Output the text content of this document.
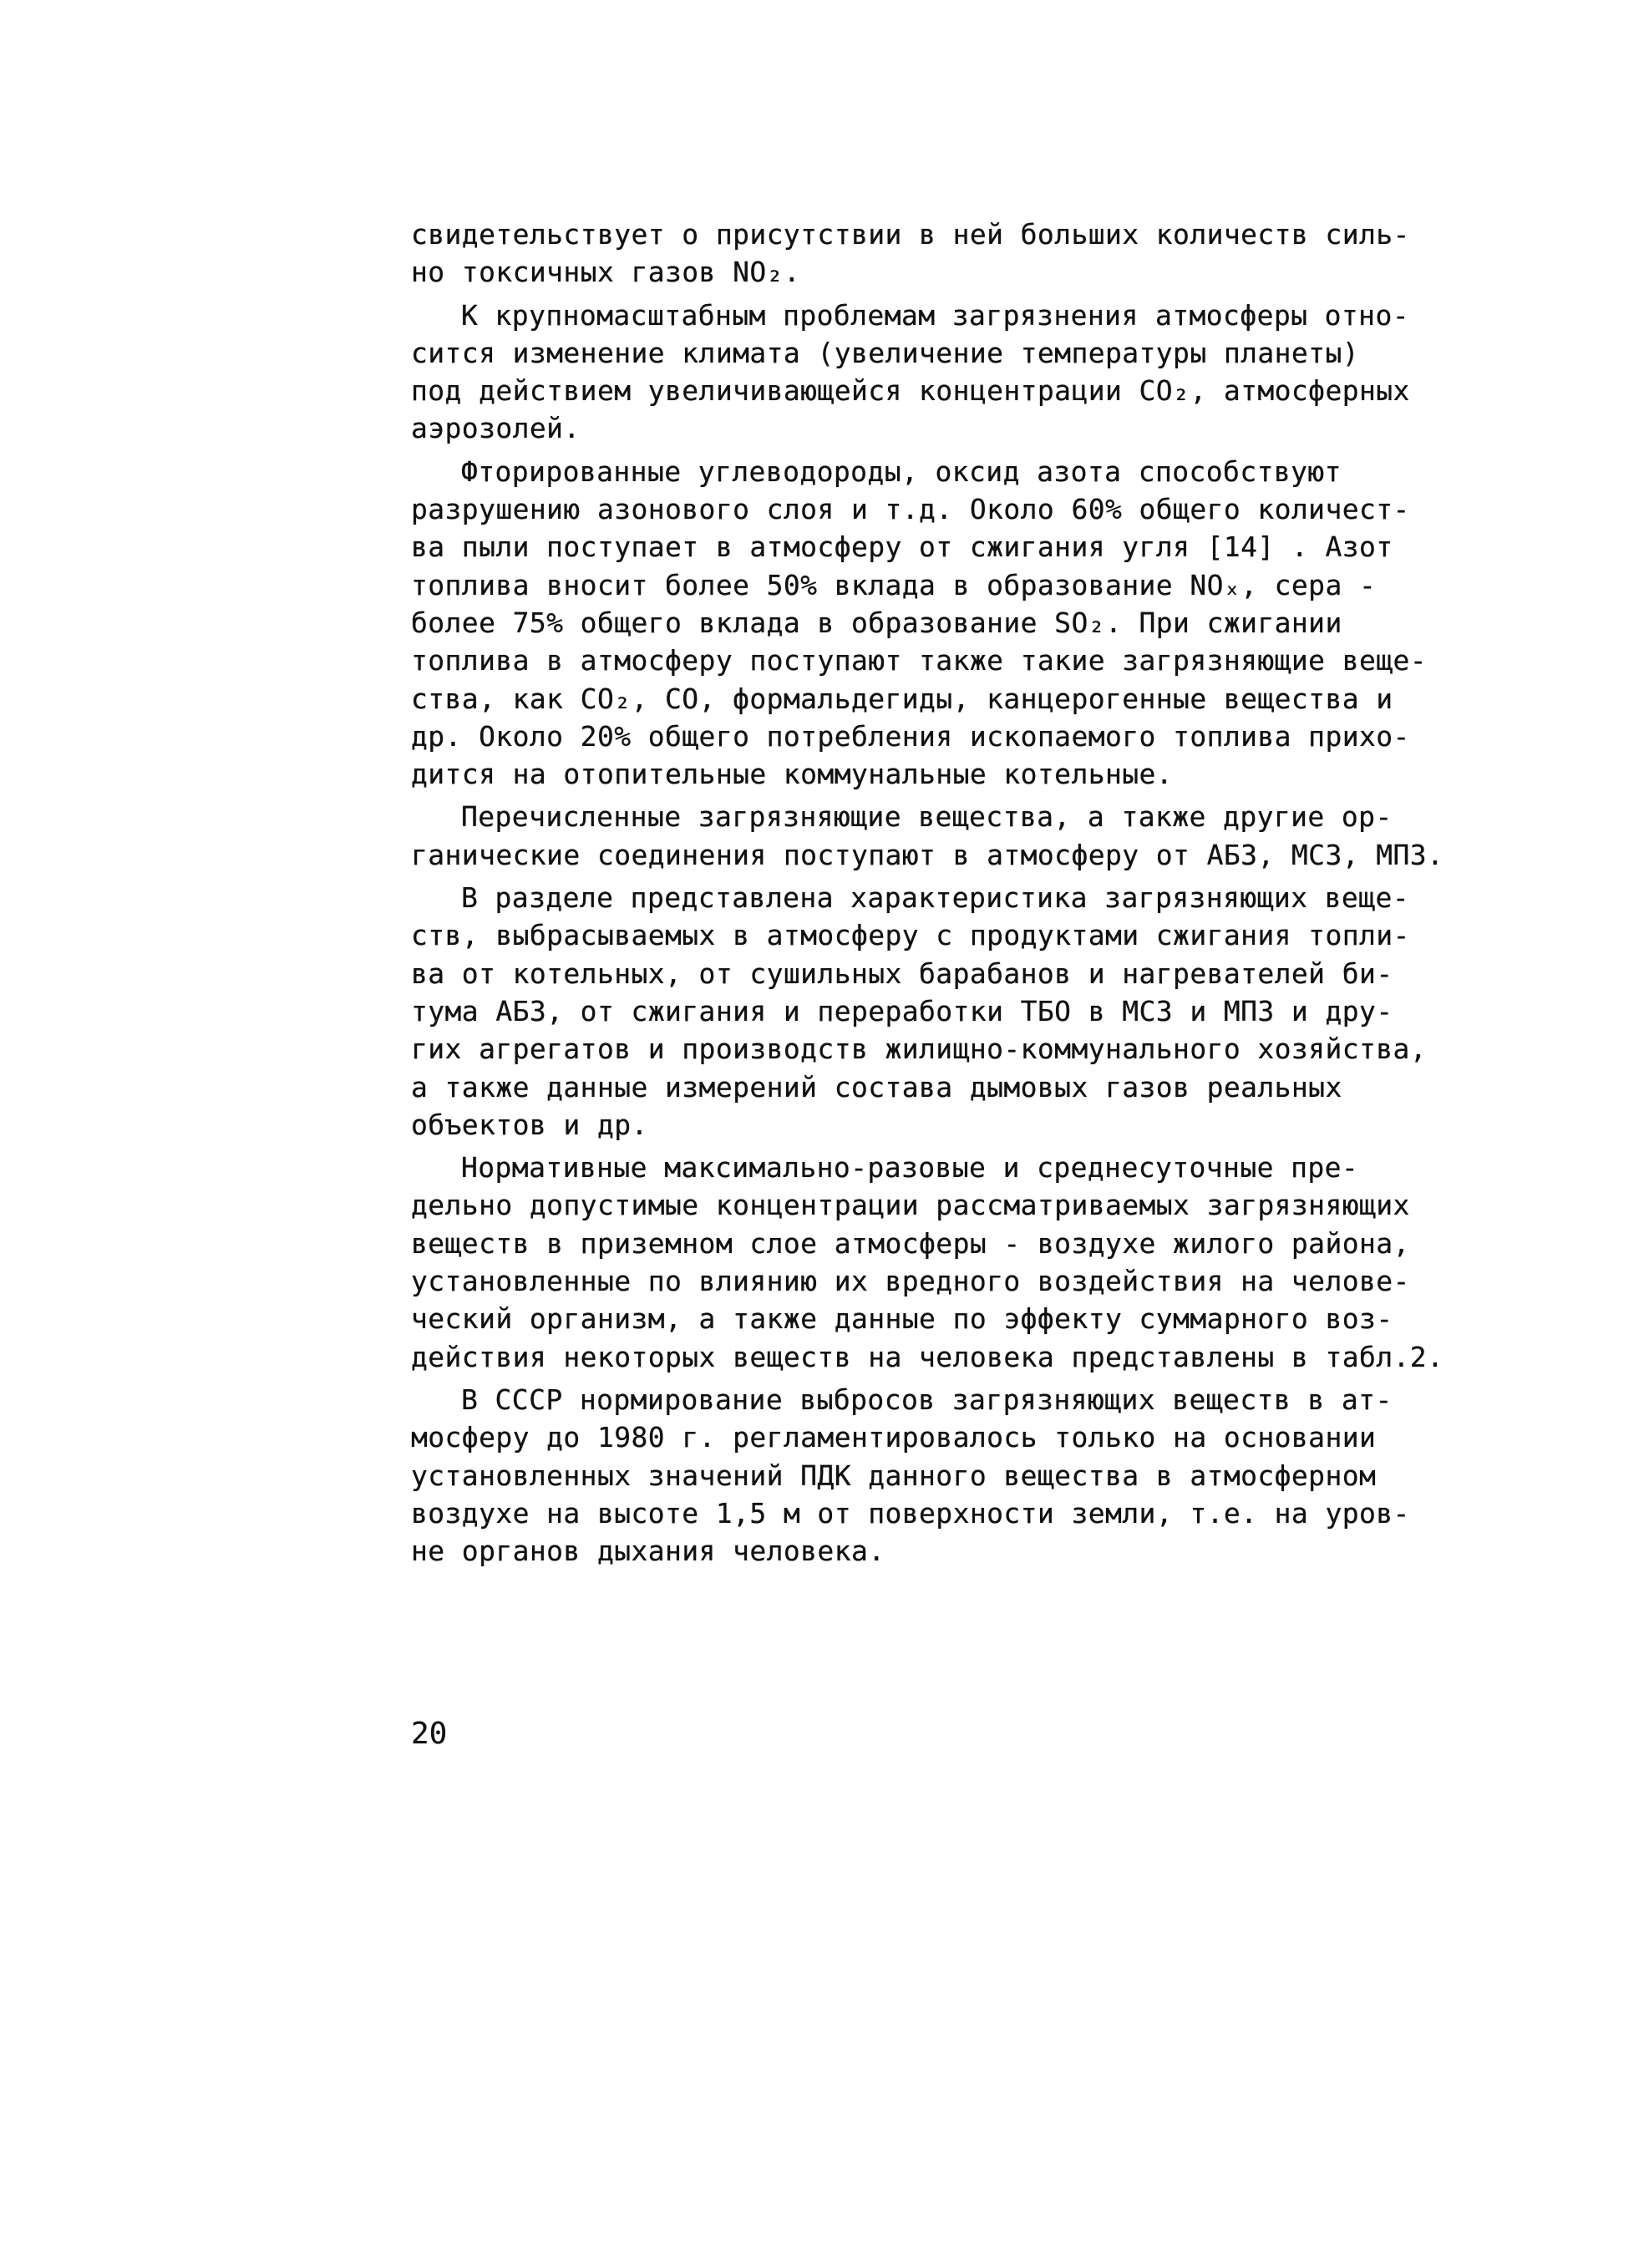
свидетельствует о присутствии в ней больших количеств силь-
но токсичных газов NO₂.
К крупномасштабным проблемам загрязнения атмосферы отно-
сится изменение климата (увеличение температуры планеты)
под действием увеличивающейся концентрации CO₂, атмосферных
аэрозолей.
Фторированные углеводороды, оксид азота способствуют
разрушению азонового слоя и т.д. Около 60% общего количест-
ва пыли поступает в атмосферу от сжигания угля [14] . Азот
топлива вносит более 50% вклада в образование NOₓ, сера -
более 75% общего вклада в образование SO₂. При сжигании
топлива в атмосферу поступают также такие загрязняющие веще-
ства, как CO₂, CO, формальдегиды, канцерогенные вещества и
др. Около 20% общего потребления ископаемого топлива прихо-
дится на отопительные коммунальные котельные.
Перечисленные загрязняющие вещества, а также другие ор-
ганические соединения поступают в атмосферу от АБЗ, МСЗ, МПЗ.
В разделе представлена характеристика загрязняющих веще-
ств, выбрасываемых в атмосферу с продуктами сжигания топли-
ва от котельных, от сушильных барабанов и нагревателей би-
тума АБЗ, от сжигания и переработки ТБО в МСЗ и МПЗ и дру-
гих агрегатов и производств жилищно-коммунального хозяйства,
а также данные измерений состава дымовых газов реальных
объектов и др.
Нормативные максимально-разовые и среднесуточные пре-
дельно допустимые концентрации рассматриваемых загрязняющих
веществ в приземном слое атмосферы - воздухе жилого района,
установленные по влиянию их вредного воздействия на челове-
ческий организм, а также данные по эффекту суммарного воз-
действия некоторых веществ на человека представлены в табл.2.
В СССР нормирование выбросов загрязняющих веществ в ат-
мосферу до 1980 г. регламентировалось только на основании
установленных значений ПДК данного вещества в атмосферном
воздухе на высоте 1,5 м от поверхности земли, т.е. на уров-
не органов дыхания человека.
20
